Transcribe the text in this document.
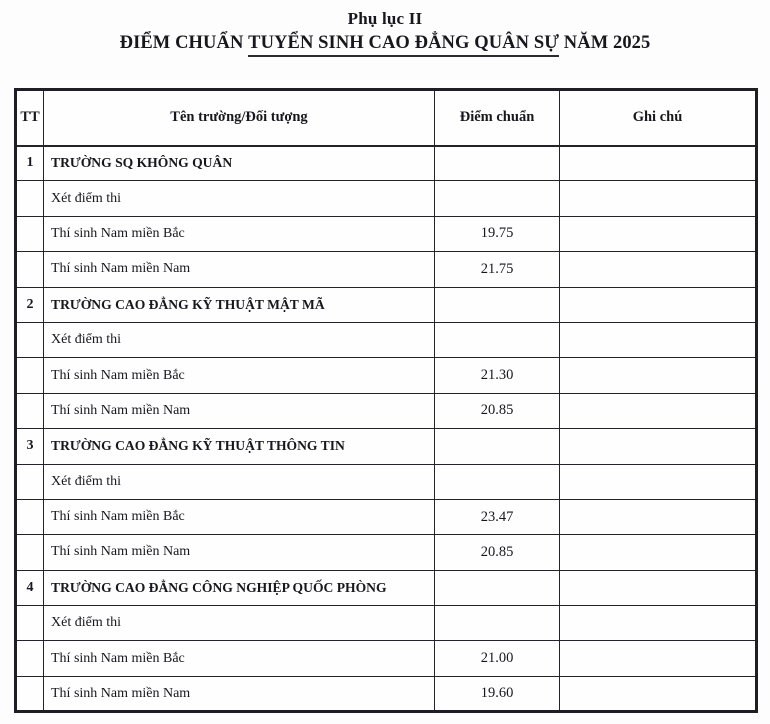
Phụ lục II
ĐIỂM CHUẨN TUYỂN SINH CAO ĐẲNG QUÂN SỰ NĂM 2025
TT	Tên trường/Đối tượng	Điểm chuẩn	Ghi chú
1	TRƯỜNG SQ KHÔNG QUÂN		
	Xét điểm thi		
	Thí sinh Nam miền Bắc	19.75	
	Thí sinh Nam miền Nam	21.75	
2	TRƯỜNG CAO ĐẲNG KỸ THUẬT MẬT MÃ		
	Xét điểm thi		
	Thí sinh Nam miền Bắc	21.30	
	Thí sinh Nam miền Nam	20.85	
3	TRƯỜNG CAO ĐẲNG KỸ THUẬT THÔNG TIN		
	Xét điểm thi		
	Thí sinh Nam miền Bắc	23.47	
	Thí sinh Nam miền Nam	20.85	
4	TRƯỜNG CAO ĐẲNG CÔNG NGHIỆP QUỐC PHÒNG		
	Xét điểm thi		
	Thí sinh Nam miền Bắc	21.00	
	Thí sinh Nam miền Nam	19.60	
